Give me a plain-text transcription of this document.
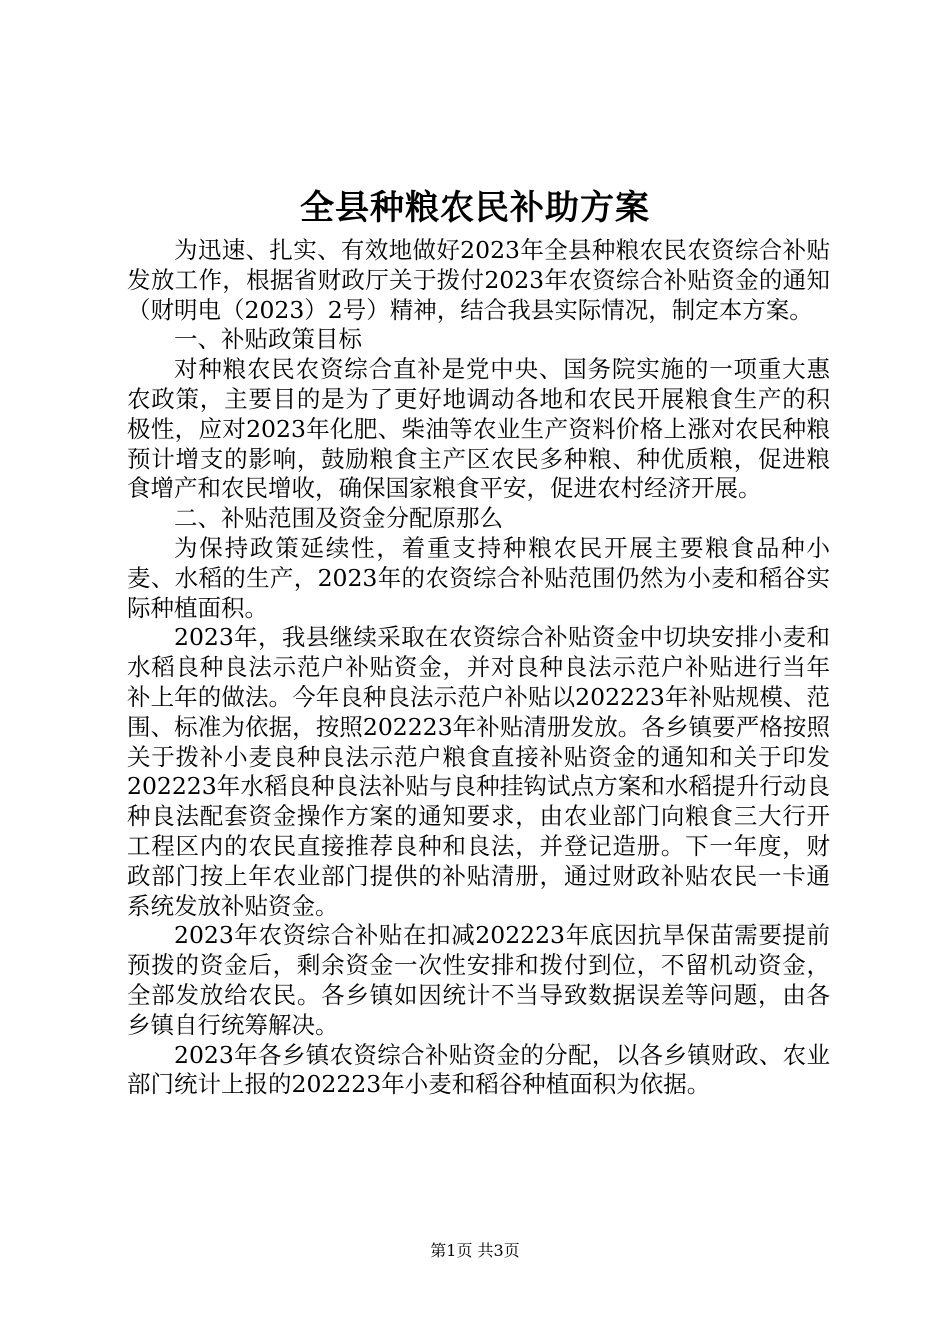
全县种粮农民补助方案

为迅速、扎实、有效地做好2023年全县种粮农民农资综合补贴发放工作，根据省财政厅关于拨付2023年农资综合补贴资金的通知（财明电（2023）2号）精神，结合我县实际情况，制定本方案。

一、补贴政策目标

对种粮农民农资综合直补是党中央、国务院实施的一项重大惠农政策，主要目的是为了更好地调动各地和农民开展粮食生产的积极性，应对2023年化肥、柴油等农业生产资料价格上涨对农民种粮预计增支的影响，鼓励粮食主产区农民多种粮、种优质粮，促进粮食增产和农民增收，确保国家粮食平安，促进农村经济开展。

二、补贴范围及资金分配原那么

为保持政策延续性，着重支持种粮农民开展主要粮食品种小麦、水稻的生产，2023年的农资综合补贴范围仍然为小麦和稻谷实际种植面积。

2023年，我县继续采取在农资综合补贴资金中切块安排小麦和水稻良种良法示范户补贴资金，并对良种良法示范户补贴进行当年补上年的做法。今年良种良法示范户补贴以202223年补贴规模、范围、标准为依据，按照202223年补贴清册发放。各乡镇要严格按照关于拨补小麦良种良法示范户粮食直接补贴资金的通知和关于印发202223年水稻良种良法补贴与良种挂钩试点方案和水稻提升行动良种良法配套资金操作方案的通知要求，由农业部门向粮食三大行开工程区内的农民直接推荐良种和良法，并登记造册。下一年度，财政部门按上年农业部门提供的补贴清册，通过财政补贴农民一卡通系统发放补贴资金。

2023年农资综合补贴在扣减202223年底因抗旱保苗需要提前预拨的资金后，剩余资金一次性安排和拨付到位，不留机动资金，全部发放给农民。各乡镇如因统计不当导致数据误差等问题，由各乡镇自行统筹解决。

2023年各乡镇农资综合补贴资金的分配，以各乡镇财政、农业部门统计上报的202223年小麦和稻谷种植面积为依据。

第1页 共3页
